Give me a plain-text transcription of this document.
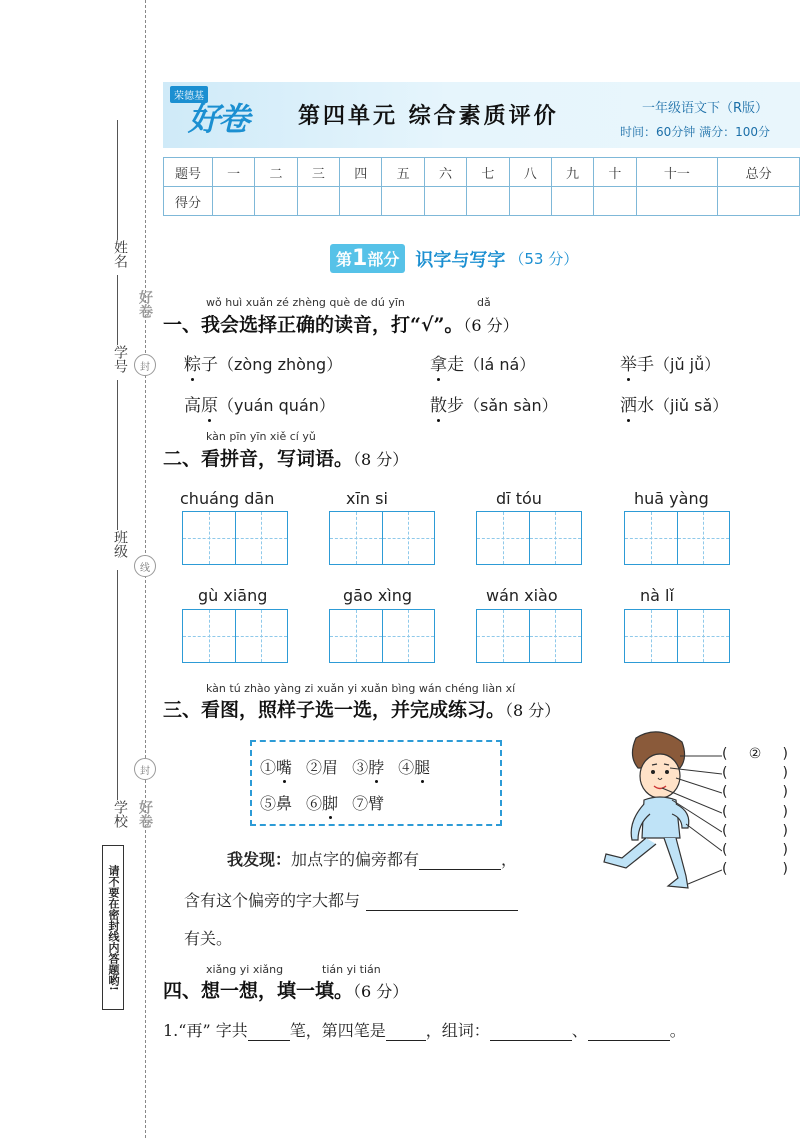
姓名
学号
班级
学校
好卷
封
线
封
好卷
请不要在密封线内答题哟!
荣德基
好卷 第四单元 综合素质评价	一年级语文下（R版）
时间：60分钟 满分：100分
题号	一	二	三	四	五	六	七	八	九	十	十一	总分
得分												
第1部分 识字与写字 （53 分）
wǒ huì xuǎn zé zhèng què de dú yīn	dǎ
一、我会选择正确的读音，打“√”。（6 分）
粽子（zòng zhòng）	拿走（lá ná）	举手（jǔ jǚ）
高原（yuán quán）	散步（sǎn sàn）	洒水（jiǔ sǎ）
kàn pīn yīn xiě cí yǔ
二、看拼音，写词语。（8 分）
chuáng dān	xīn si	dī tóu	huā yàng
gù xiāng	gāo xìng	wán xiào	nà lǐ
kàn tú zhào yàng zi xuǎn yi xuǎn bìng wán chéng liàn xí
三、看图，照样子选一选，并完成练习。（8 分）
①嘴 ②眉 ③脖 ④腿
⑤鼻 ⑥脚 ⑦臂
( ② )
(	)
(	)
(	)
(	)
(	)
(	)
我发现：加点字的偏旁都有	，
含有这个偏旁的字大都与
有关。
xiǎng yi xiǎng	tián yi tián
四、想一想，填一填。（6 分）
1.“再” 字共	笔，第四笔是	，组词：	、	。
